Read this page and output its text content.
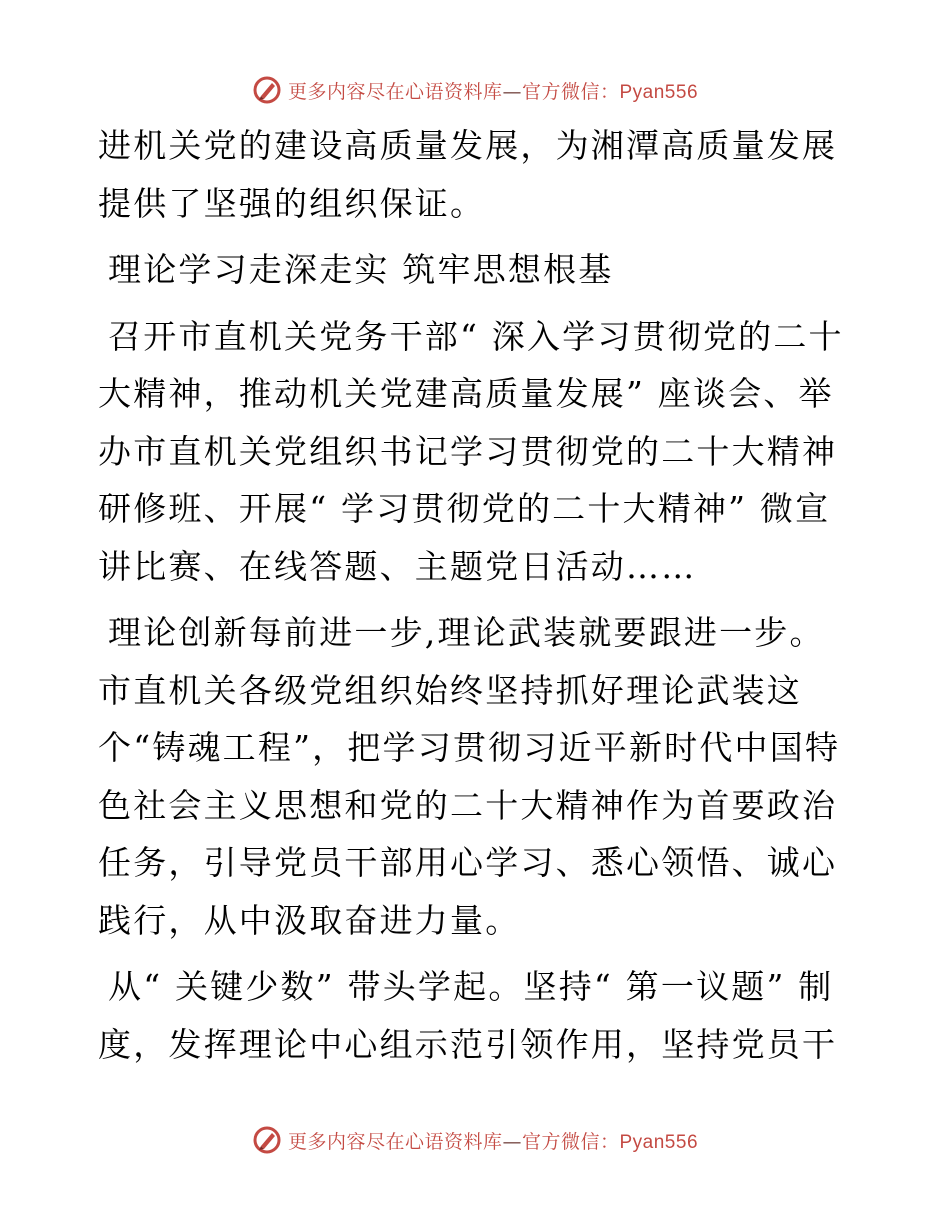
更多内容尽在心语资料库—官方微信：Pyan556

进机关党的建设高质量发展，为湘潭高质量发展提供了坚强的组织保证。

理论学习走深走实 筑牢思想根基

召开市直机关党务干部“ 深入学习贯彻党的二十大精神，推动机关党建高质量发展” 座谈会、举办市直机关党组织书记学习贯彻党的二十大精神研修班、开展“ 学习贯彻党的二十大精神” 微宣讲比赛、在线答题、主题党日活动……

理论创新每前进一步,理论武装就要跟进一步。市直机关各级党组织始终坚持抓好理论武装这个“铸魂工程”，把学习贯彻习近平新时代中国特色社会主义思想和党的二十大精神作为首要政治任务，引导党员干部用心学习、悉心领悟、诚心践行，从中汲取奋进力量。

从“ 关键少数” 带头学起。坚持“ 第一议题” 制度，发挥理论中心组示范引领作用，坚持党员干

更多内容尽在心语资料库—官方微信：Pyan556
